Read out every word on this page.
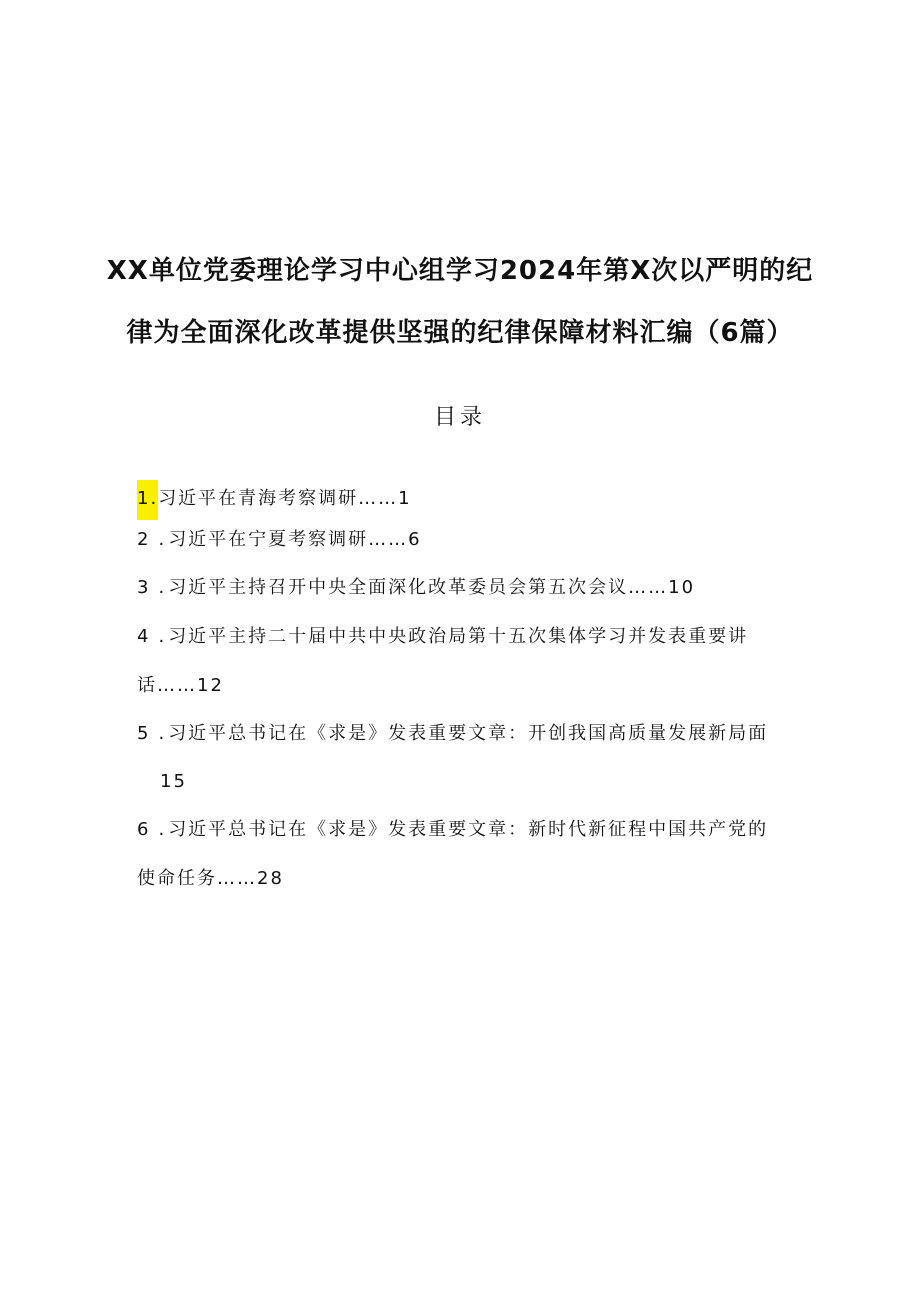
XX单位党委理论学习中心组学习2024年第X次以严明的纪
律为全面深化改革提供坚强的纪律保障材料汇编（6篇）
目录
1.习近平在青海考察调研……1
2 . 习近平在宁夏考察调研……6
3 . 习近平主持召开中央全面深化改革委员会第五次会议……10
4 . 习近平主持二十届中共中央政治局第十五次集体学习并发表重要讲
话……12
5 . 习近平总书记在《求是》发表重要文章：开创我国高质量发展新局面
15
6 . 习近平总书记在《求是》发表重要文章：新时代新征程中国共产党的
使命任务……28
